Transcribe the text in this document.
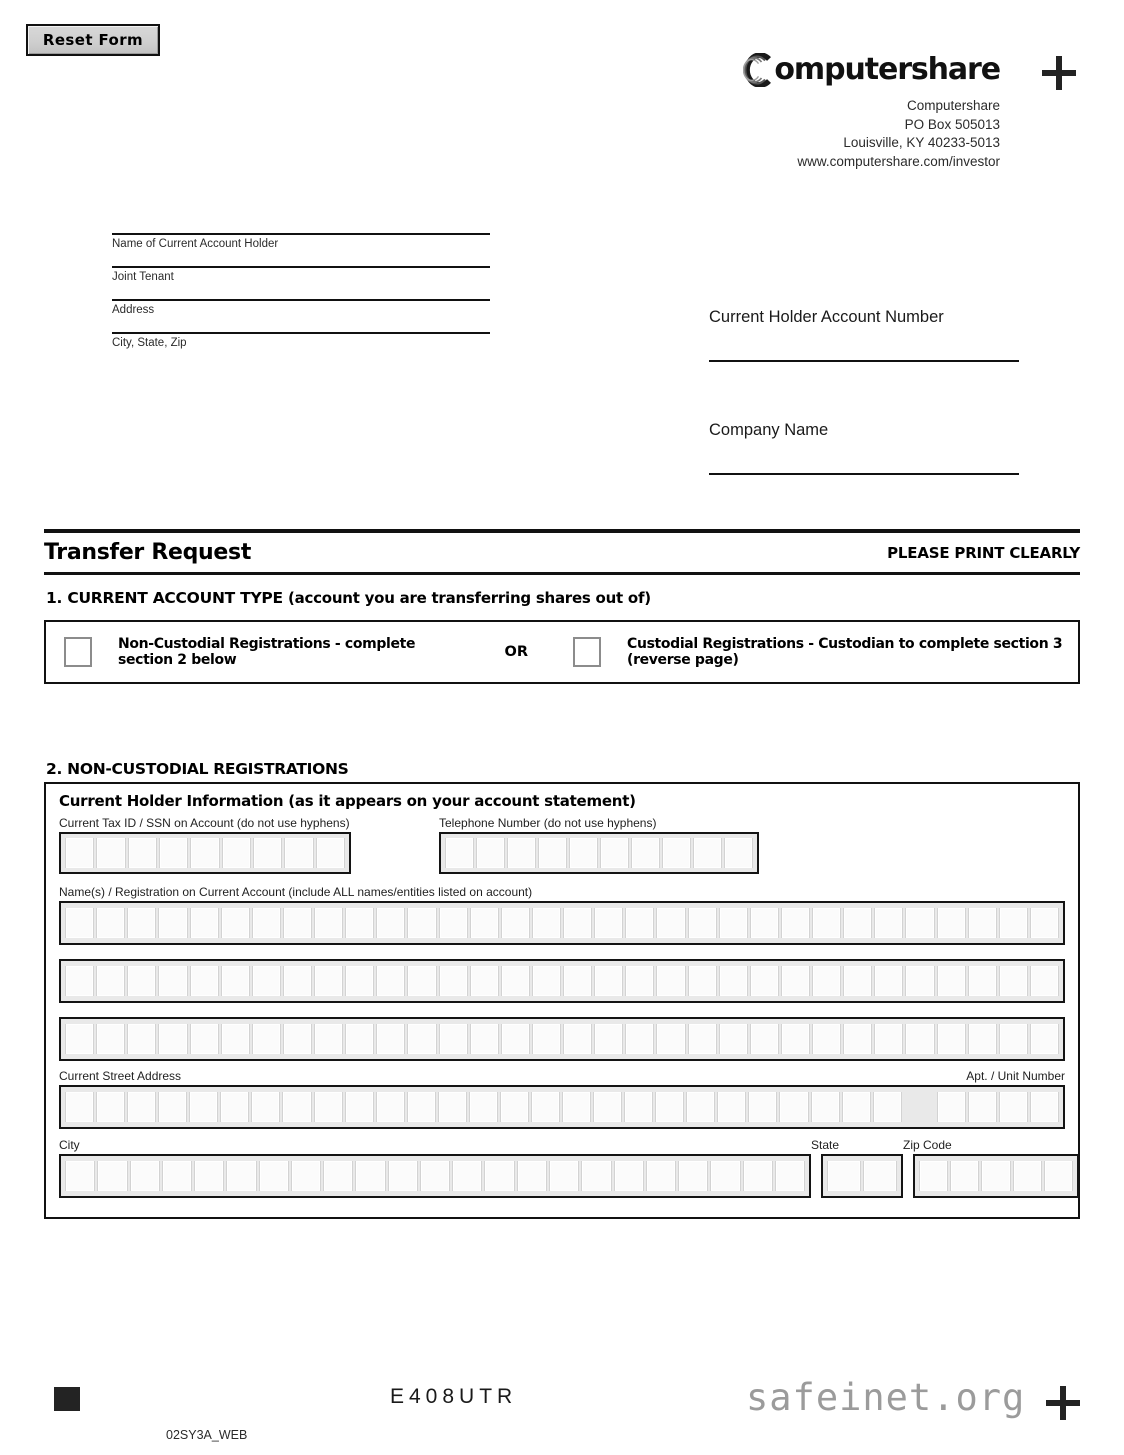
Reset Form
omputershare
Computershare
PO Box 505013
Louisville, KY 40233-5013
www.computershare.com/investor
Name of Current Account Holder
Joint Tenant
Address
City, State, Zip
Current Holder Account Number
Company Name
Transfer Request	PLEASE PRINT CLEARLY
1. CURRENT ACCOUNT TYPE (account you are transferring shares out of)
Non-Custodial Registrations - complete section 2 below	OR	Custodial Registrations - Custodian to complete section 3 (reverse page)
2. NON-CUSTODIAL REGISTRATIONS
Current Holder Information (as it appears on your account statement)
Current Tax ID / SSN on Account (do not use hyphens)	Telephone Number (do not use hyphens)
Name(s) / Registration on Current Account (include ALL names/entities listed on account)
Current Street Address	Apt. / Unit Number
City	State	Zip Code
E408UTR
02SY3A_WEB
safeinet.org
